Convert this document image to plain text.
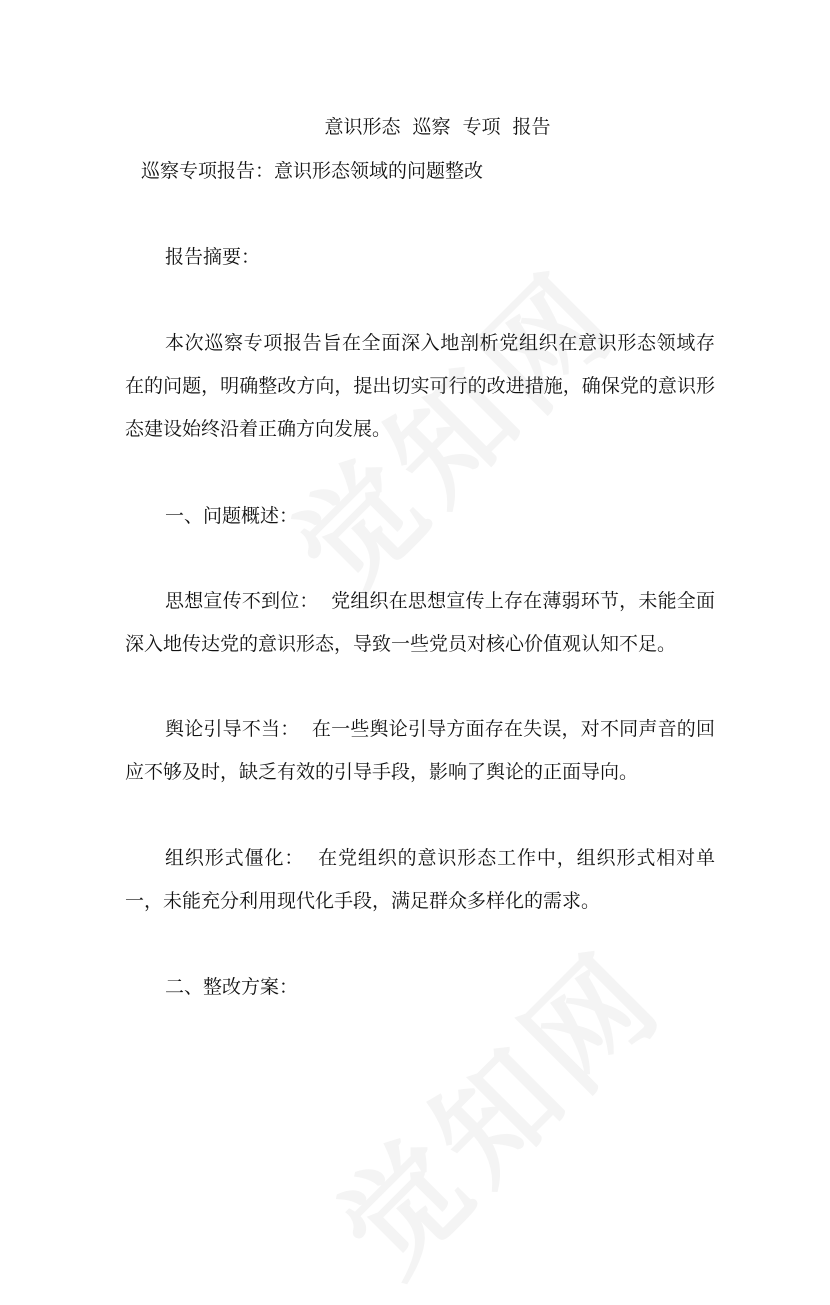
意识形态 巡察 专项 报告

巡察专项报告：意识形态领域的问题整改

报告摘要：

本次巡察专项报告旨在全面深入地剖析党组织在意识形态领域存在的问题，明确整改方向，提出切实可行的改进措施，确保党的意识形态建设始终沿着正确方向发展。

一、问题概述：

思想宣传不到位：  党组织在思想宣传上存在薄弱环节，未能全面深入地传达党的意识形态，导致一些党员对核心价值观认知不足。

舆论引导不当：  在一些舆论引导方面存在失误，对不同声音的回应不够及时，缺乏有效的引导手段，影响了舆论的正面导向。

组织形式僵化：  在党组织的意识形态工作中，组织形式相对单一，未能充分利用现代化手段，满足群众多样化的需求。

二、整改方案：
